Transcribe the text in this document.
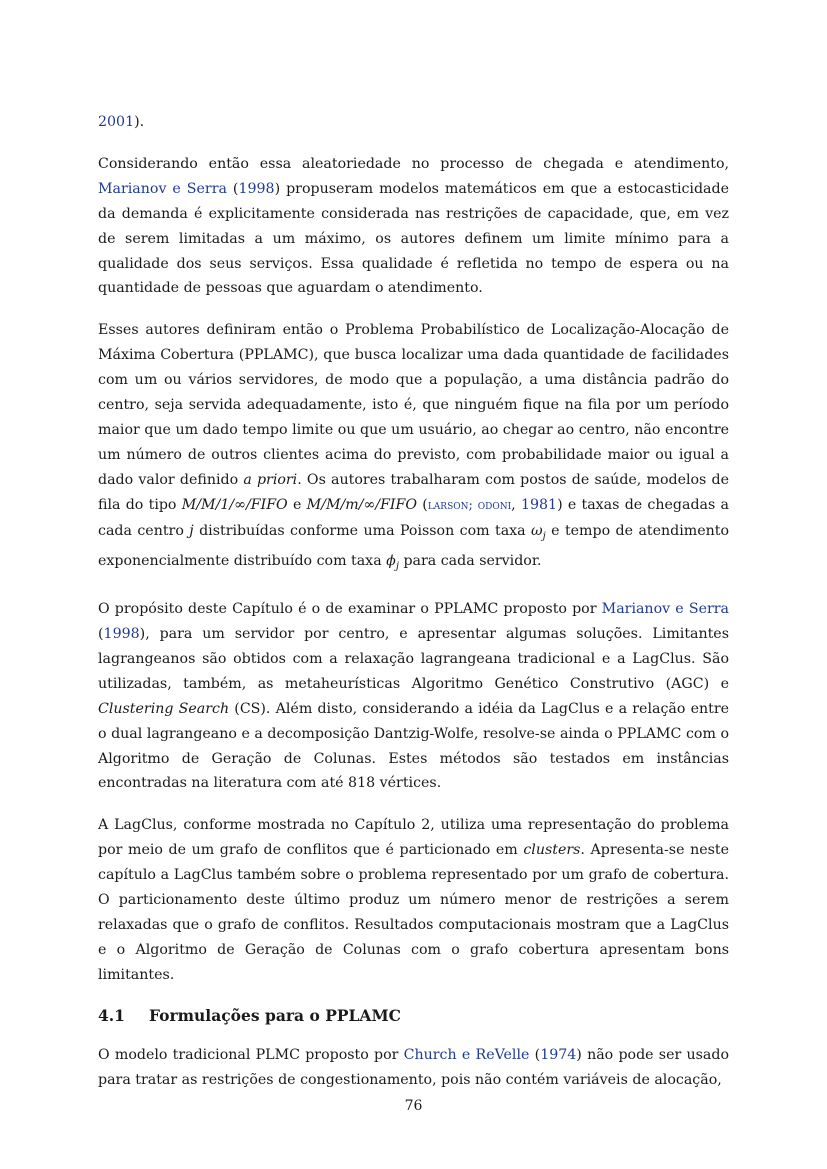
2001).

Considerando então essa aleatoriedade no processo de chegada e atendimento, Marianov e Serra (1998) propuseram modelos matemáticos em que a estocasticidade da demanda é explicitamente considerada nas restrições de capacidade, que, em vez de serem limitadas a um máximo, os autores definem um limite mínimo para a qualidade dos seus serviços. Essa qualidade é refletida no tempo de espera ou na quantidade de pessoas que aguardam o atendimento.

Esses autores definiram então o Problema Probabilístico de Localização-Alocação de Máxima Cobertura (PPLAMC), que busca localizar uma dada quantidade de facilidades com um ou vários servidores, de modo que a população, a uma distância padrão do centro, seja servida adequadamente, isto é, que ninguém fique na fila por um período maior que um dado tempo limite ou que um usuário, ao chegar ao centro, não encontre um número de outros clientes acima do previsto, com probabilidade maior ou igual a dado valor definido a priori. Os autores trabalharam com postos de saúde, modelos de fila do tipo M/M/1/∞/FIFO e M/M/m/∞/FIFO (larson; odoni, 1981) e taxas de chegadas a cada centro j distribuídas conforme uma Poisson com taxa $\omega_j$ e tempo de atendimento exponencialmente distribuído com taxa $\phi_j$ para cada servidor.

O propósito deste Capítulo é o de examinar o PPLAMC proposto por Marianov e Serra (1998), para um servidor por centro, e apresentar algumas soluções. Limitantes lagrangeanos são obtidos com a relaxação lagrangeana tradicional e a LagClus. São utilizadas, também, as metaheurísticas Algoritmo Genético Construtivo (AGC) e Clustering Search (CS). Além disto, considerando a idéia da LagClus e a relação entre o dual lagrangeano e a decomposição Dantzig-Wolfe, resolve-se ainda o PPLAMC com o Algoritmo de Geração de Colunas. Estes métodos são testados em instâncias encontradas na literatura com até 818 vértices.

A LagClus, conforme mostrada no Capítulo 2, utiliza uma representação do problema por meio de um grafo de conflitos que é particionado em clusters. Apresenta-se neste capítulo a LagClus também sobre o problema representado por um grafo de cobertura. O particionamento deste último produz um número menor de restrições a serem relaxadas que o grafo de conflitos. Resultados computacionais mostram que a LagClus e o Algoritmo de Geração de Colunas com o grafo cobertura apresentam bons limitantes.

4.1 Formulações para o PPLAMC

O modelo tradicional PLMC proposto por Church e ReVelle (1974) não pode ser usado para tratar as restrições de congestionamento, pois não contém variáveis de alocação,

76
